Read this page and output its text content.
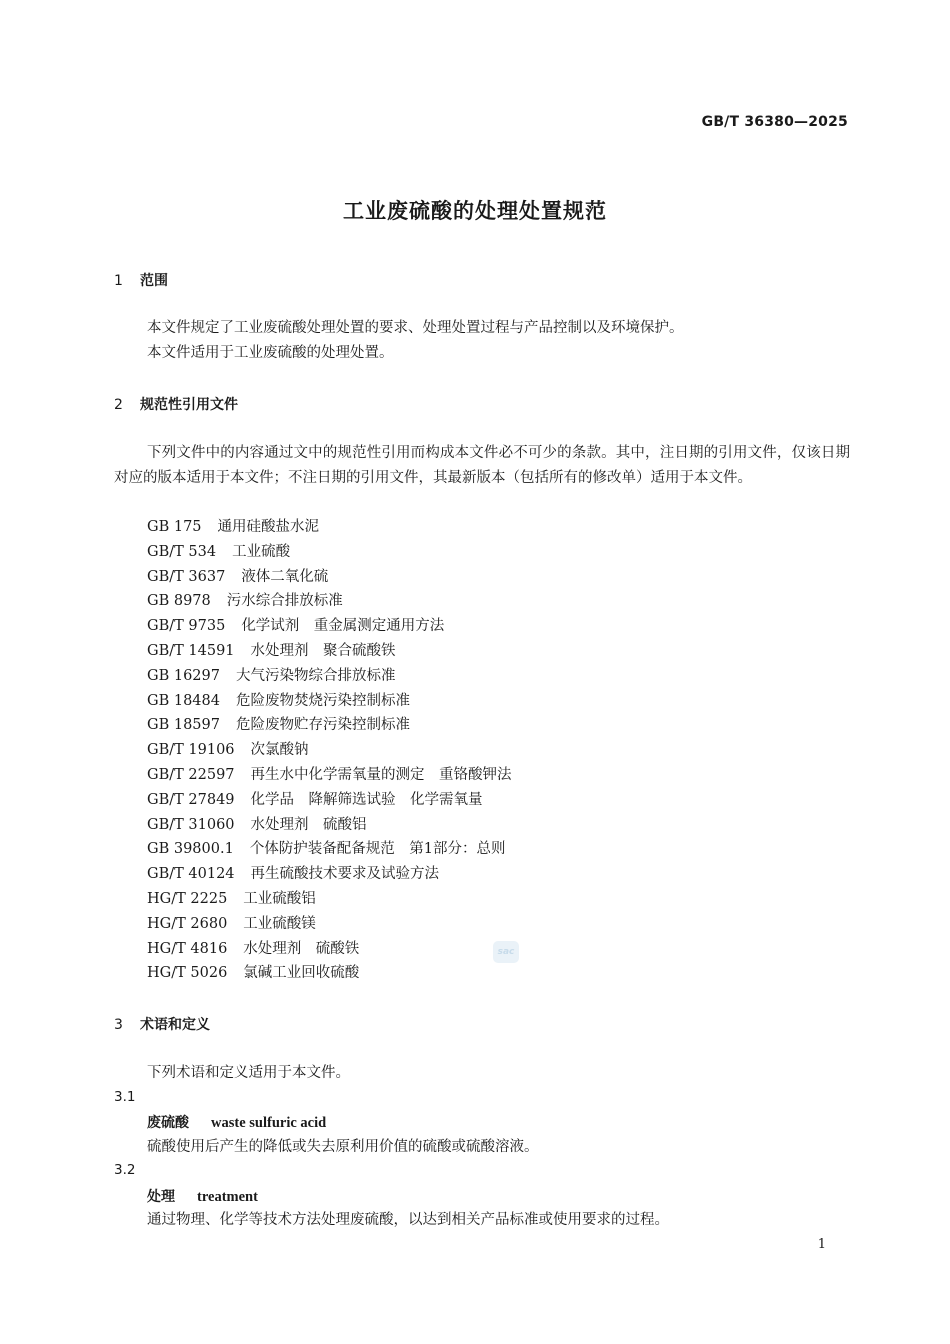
GB/T 36380—2025
工业废硫酸的处理处置规范
1 范围

本文件规定了工业废硫酸处理处置的要求、处理处置过程与产品控制以及环境保护。

本文件适用于工业废硫酸的处理处置。

2 规范性引用文件

下列文件中的内容通过文中的规范性引用而构成本文件必不可少的条款。其中，注日期的引用文件，仅该日期对应的版本适用于本文件；不注日期的引用文件，其最新版本（包括所有的修改单）适用于本文件。

GB 175 通用硅酸盐水泥
GB/T 534 工业硫酸
GB/T 3637 液体二氧化硫
GB 8978 污水综合排放标准
GB/T 9735 化学试剂　重金属测定通用方法
GB/T 14591 水处理剂　聚合硫酸铁
GB 16297 大气污染物综合排放标准
GB 18484 危险废物焚烧污染控制标准
GB 18597 危险废物贮存污染控制标准
GB/T 19106 次氯酸钠
GB/T 22597 再生水中化学需氧量的测定　重铬酸钾法
GB/T 27849 化学品　降解筛选试验　化学需氧量
GB/T 31060 水处理剂　硫酸铝
GB 39800.1 个体防护装备配备规范　第1部分：总则
GB/T 40124 再生硫酸技术要求及试验方法
HG/T 2225 工业硫酸铝
HG/T 2680 工业硫酸镁
HG/T 4816 水处理剂　硫酸铁
HG/T 5026 氯碱工业回收硫酸
sac
3 术语和定义

下列术语和定义适用于本文件。

3.1
废硫酸 waste sulfuric acid

硫酸使用后产生的降低或失去原利用价值的硫酸或硫酸溶液。

3.2
处理 treatment

通过物理、化学等技术方法处理废硫酸，以达到相关产品标准或使用要求的过程。

1
